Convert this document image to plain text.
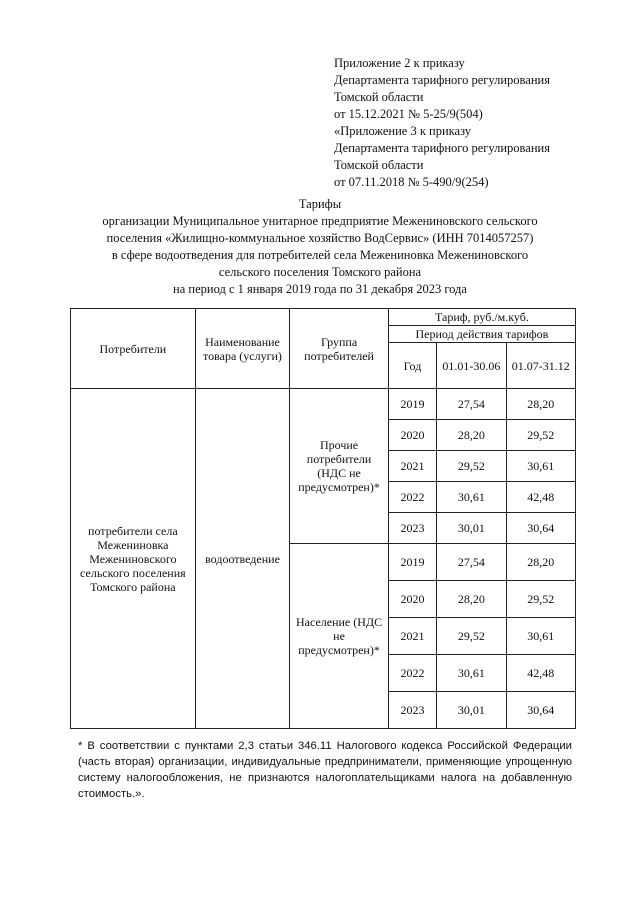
Приложение 2 к приказу
Департамента тарифного регулирования
Томской области
от 15.12.2021 № 5-25/9(504)
«Приложение 3 к приказу
Департамента тарифного регулирования
Томской области
от 07.11.2018 № 5-490/9(254)
Тарифы
организации Муниципальное унитарное предприятие Межениновского сельского
поселения «Жилищно-коммунальное хозяйство ВодСервис» (ИНН 7014057257)
в сфере водоотведения для потребителей села Межениновка Межениновского
сельского поселения Томского района
на период с 1 января 2019 года по 31 декабря 2023 года
Потребители	Наименование товара (услуги)	Группа потребителей	Тариф, руб./м.куб.		
			Период действия тарифов		
			Год	01.01-30.06	01.07-31.12
потребители села Межениновка Межениновского сельского поселения Томского района	водоотведение	Прочие потребители (НДС не предусмотрен)*	2019	27,54	28,20
			2020	28,20	29,52
			2021	29,52	30,61
			2022	30,61	42,48
			2023	30,01	30,64
		Население (НДС не предусмотрен)*	2019	27,54	28,20
			2020	28,20	29,52
			2021	29,52	30,61
			2022	30,61	42,48
			2023	30,01	30,64
* В соответствии с пунктами 2,3 статьи 346.11 Налогового кодекса Российской Федерации (часть вторая) организации, индивидуальные предприниматели, применяющие упрощенную систему налогообложения, не признаются налогоплательщиками налога на добавленную стоимость.».
